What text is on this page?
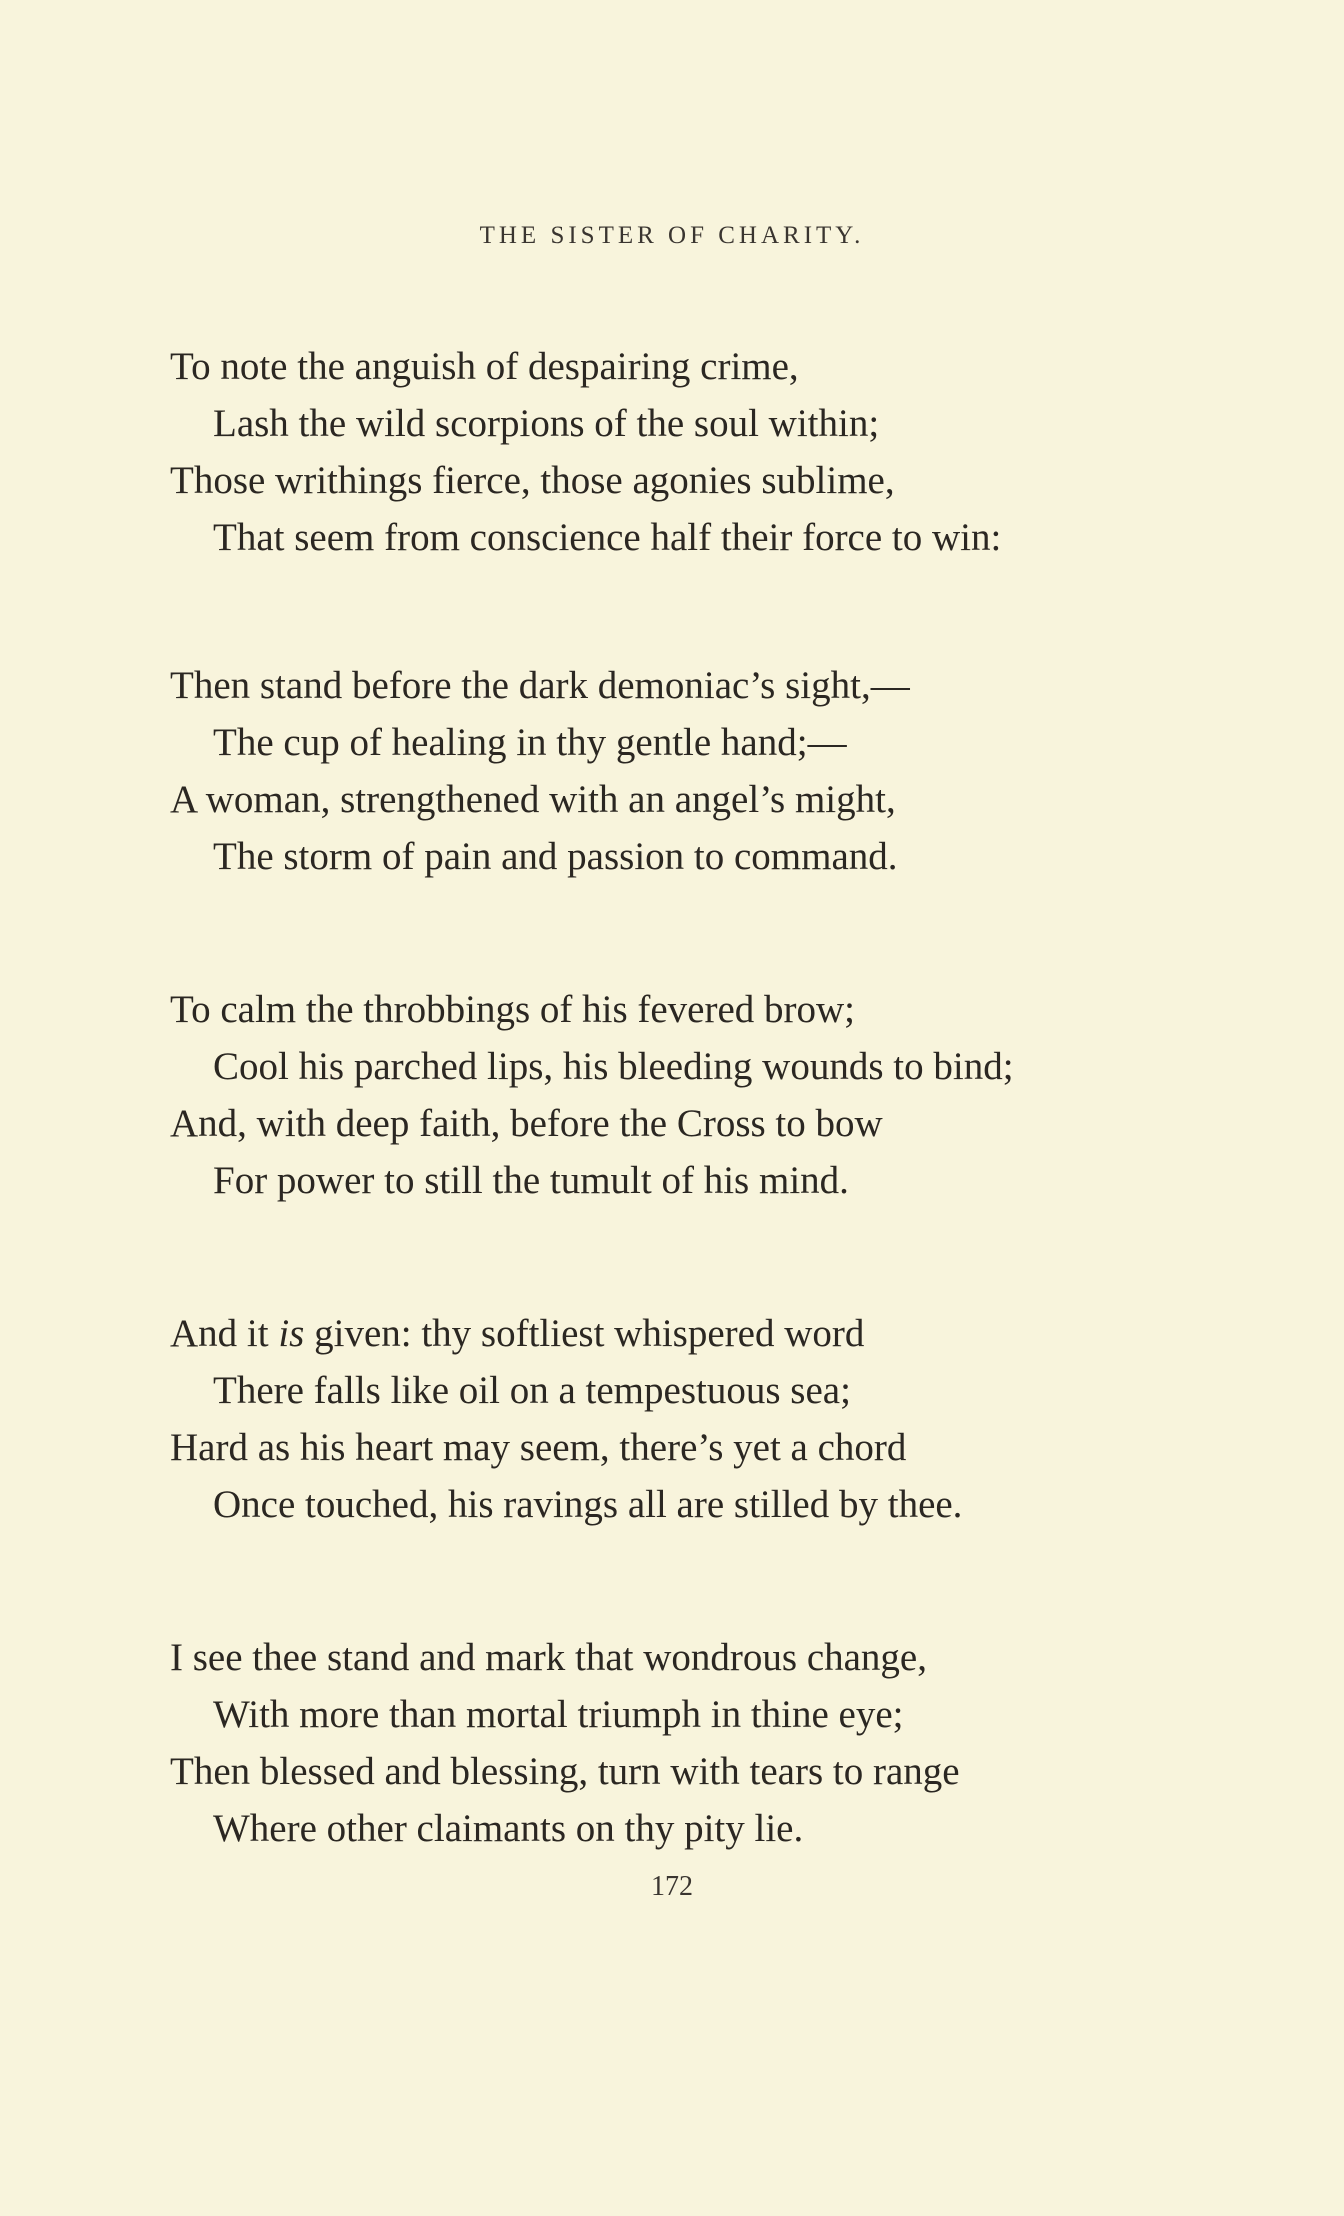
THE SISTER OF CHARITY.
To note the anguish of despairing crime,
Lash the wild scorpions of the soul within;
Those writhings fierce, those agonies sublime,
That seem from conscience half their force to win:
Then stand before the dark demoniac’s sight,—
The cup of healing in thy gentle hand;—
A woman, strengthened with an angel’s might,
The storm of pain and passion to command.
To calm the throbbings of his fevered brow;
Cool his parched lips, his bleeding wounds to bind;
And, with deep faith, before the Cross to bow
For power to still the tumult of his mind.
And it is given: thy softliest whispered word
There falls like oil on a tempestuous sea;
Hard as his heart may seem, there’s yet a chord
Once touched, his ravings all are stilled by thee.
I see thee stand and mark that wondrous change,
With more than mortal triumph in thine eye;
Then blessed and blessing, turn with tears to range
Where other claimants on thy pity lie.
172
